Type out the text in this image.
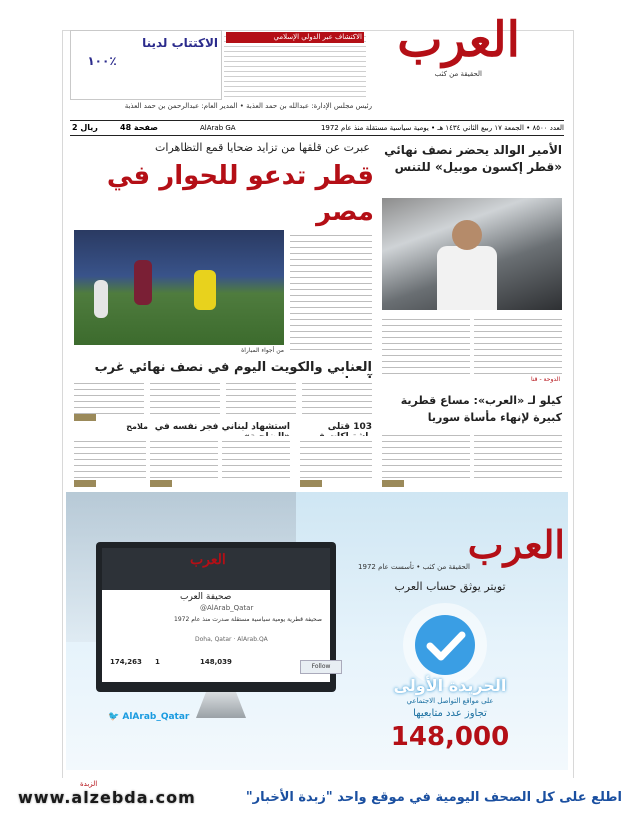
العرب
الحقيقة من كثب
الاكتتاب لدينا
١٠٠٪
الاكتشاف عبر الدولي الإسلامي
رئيس مجلس الإدارة: عبدالله بن حمد العذبة • المدير العام: عبدالرحمن بن حمد العذبة
العدد ٨٥٠٠ • الجمعة ١٧ ربيع الثاني ١٤٣٤ هـ • يومية سياسية مستقلة منذ عام 1972
AlArab GA
2 ريال	48 صفحة
عبرت عن قلقها من تزايد ضحايا قمع التظاهرات
قطر تدعو للحوار في مصر
من أجواء المباراة
العنابي والكويت اليوم في نصف نهائي غرب
103 قتلى
استشهاد لبناني فجر نفسه في
ملامح
الأمير الوالد يحضر نصف نهائي «قطر إكسون موبيل» للتنس
الدوحة - قنا
كيلو لـ «العرب»: مساع قطرية كبيرة لإنهاء مأساة سوريا
العرب
صحيفة العرب
@AlArab_Qatar
صحيفة قطرية يومية سياسية مستقلة صدرت منذ عام 1972
Doha, Qatar · AlArab.QA
174,263 1	148,039
Follow
🐦 AlArab_Qatar
العرب
الحقيقة من كثب • تأسست عام 1972
تويتر يوثق حساب العرب
الجريدة الأولى
على مواقع التواصل الاجتماعي
تجاوز عدد متابعيها
148,000
الزبدة
www.alzebda.com	اطلع على كل الصحف اليومية في موقع واحد "زبدة الأخبار"
